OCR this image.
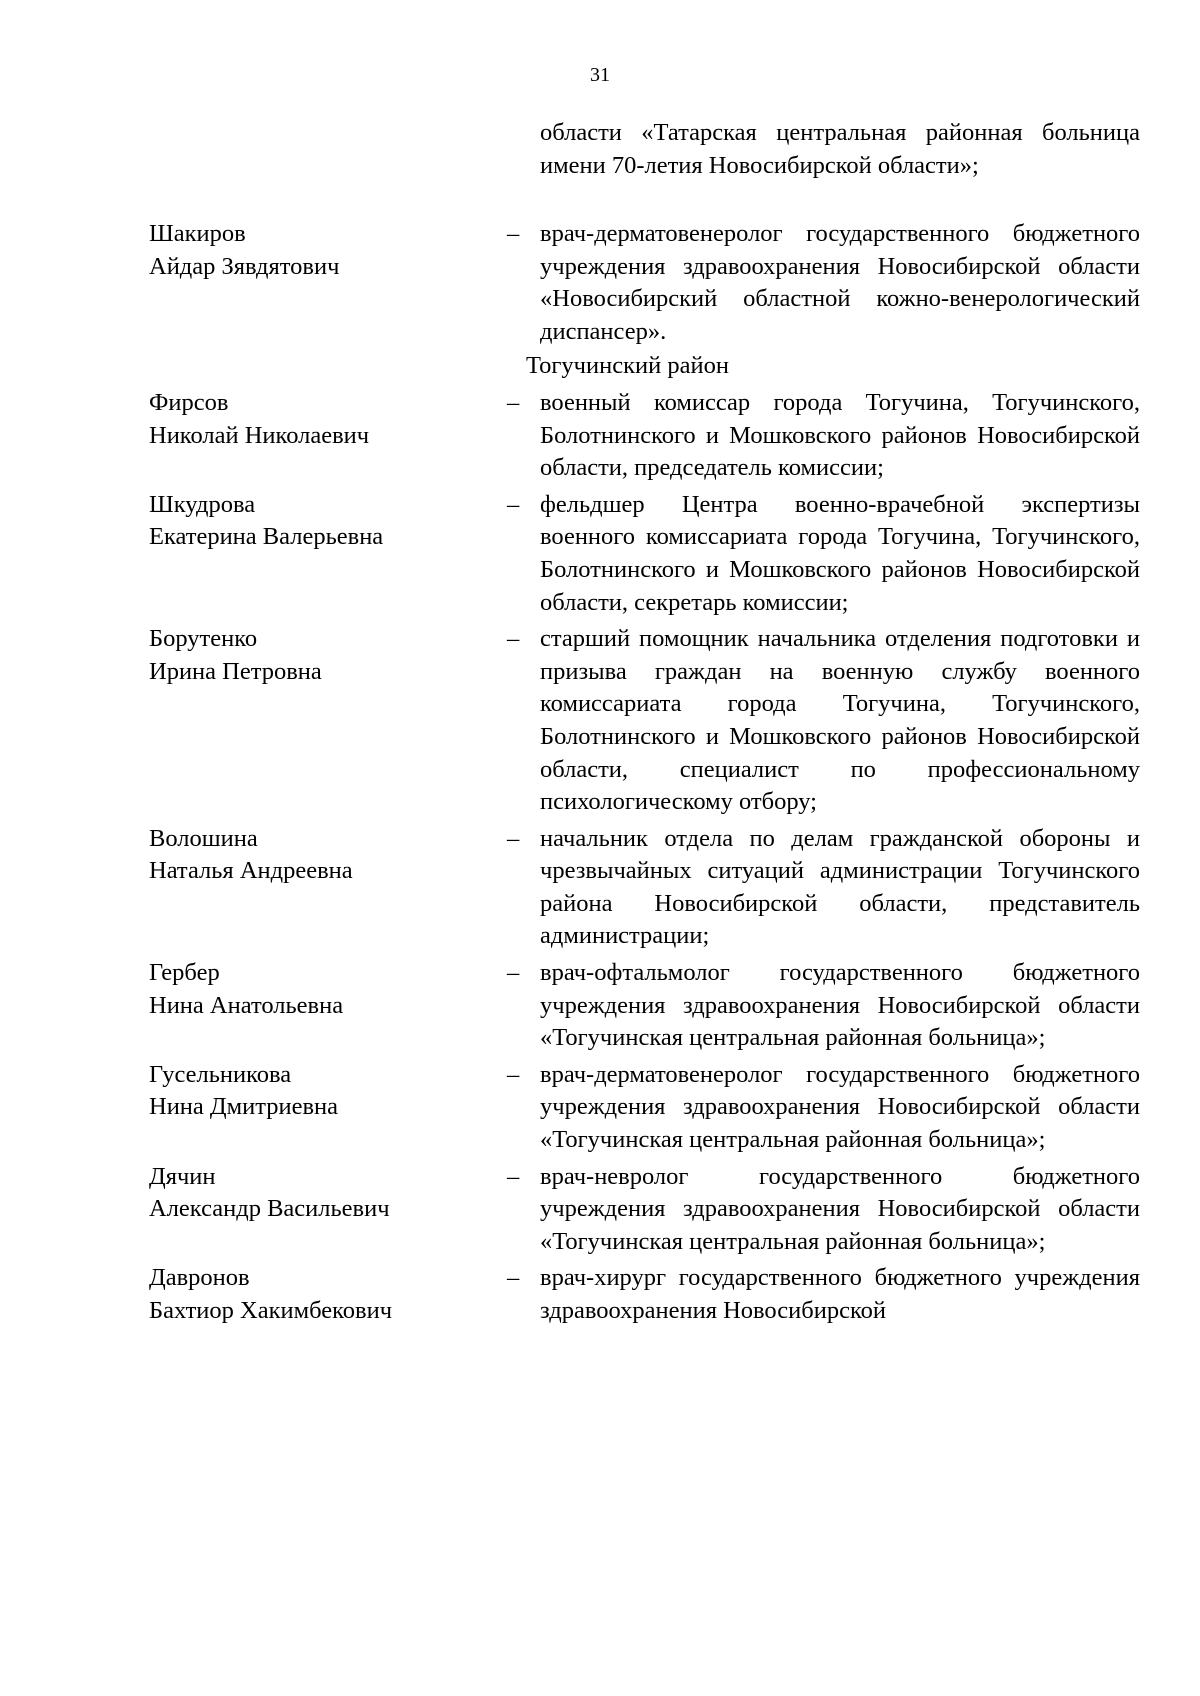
31
области «Татарская центральная районная больница имени 70-летия Новосибирской области»;
Шакиров
Айдар Зявдятович
– врач-дерматовенеролог государственного бюджетного учреждения здравоохранения Новосибирской области «Новосибирский областной кожно-венерологический диспансер».
Тогучинский район
Фирсов
Николай Николаевич
– военный комиссар города Тогучина, Тогучинского, Болотнинского и Мошковского районов Новосибирской области, председатель комиссии;
Шкудрова
Екатерина Валерьевна
– фельдшер Центра военно-врачебной экспертизы военного комиссариата города Тогучина, Тогучинского, Болотнинского и Мошковского районов Новосибирской области, секретарь комиссии;
Борутенко
Ирина Петровна
– старший помощник начальника отделения подготовки и призыва граждан на военную службу военного комиссариата города Тогучина, Тогучинского, Болотнинского и Мошковского районов Новосибирской области, специалист по профессиональному психологическому отбору;
Волошина
Наталья Андреевна
– начальник отдела по делам гражданской обороны и чрезвычайных ситуаций администрации Тогучинского района Новосибирской области, представитель администрации;
Гербер
Нина Анатольевна
– врач-офтальмолог государственного бюджетного учреждения здравоохранения Новосибирской области «Тогучинская центральная районная больница»;
Гусельникова
Нина Дмитриевна
– врач-дерматовенеролог государственного бюджетного учреждения здравоохранения Новосибирской области «Тогучинская центральная районная больница»;
Дячин
Александр Васильевич
– врач-невролог государственного бюджетного учреждения здравоохранения Новосибирской области «Тогучинская центральная районная больница»;
Давронов
Бахтиор Хакимбекович
– врач-хирург государственного бюджетного учреждения здравоохранения Новосибирской
